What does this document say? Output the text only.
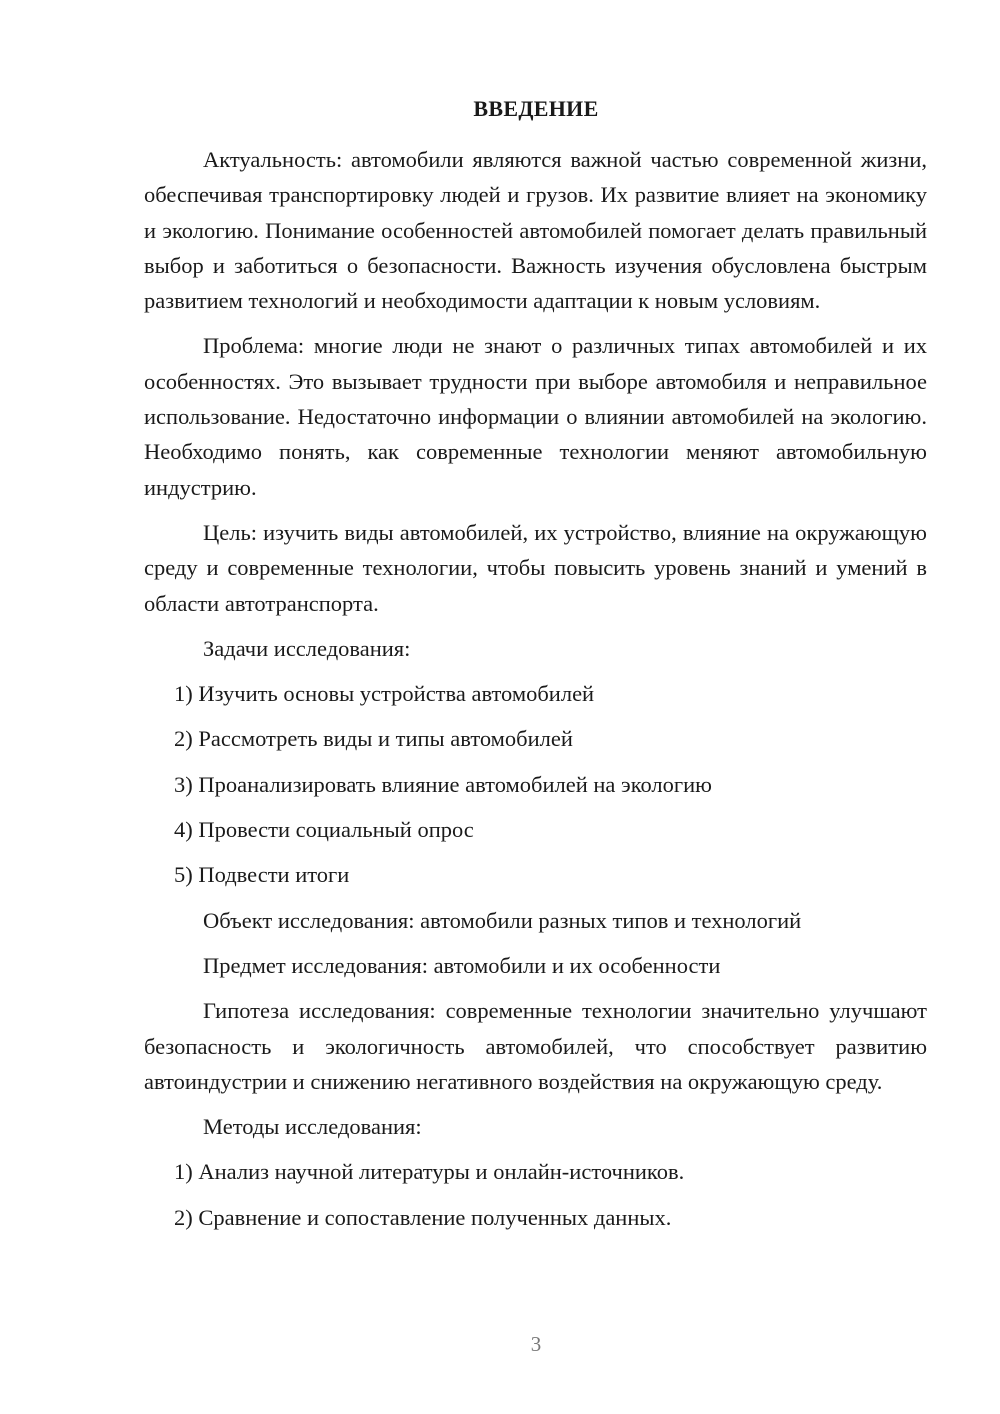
ВВЕДЕНИЕ

Актуальность: автомобили являются важной частью современной жизни, обеспечивая транспортировку людей и грузов. Их развитие влияет на экономику и экологию. Понимание особенностей автомобилей помогает делать правильный выбор и заботиться о безопасности. Важность изучения обусловлена быстрым развитием технологий и необходимости адаптации к новым условиям.

Проблема: многие люди не знают о различных типах автомобилей и их особенностях. Это вызывает трудности при выборе автомобиля и неправильное использование. Недостаточно информации о влиянии автомобилей на экологию. Необходимо понять, как современные технологии меняют автомобильную индустрию.

Цель: изучить виды автомобилей, их устройство, влияние на окружающую среду и современные технологии, чтобы повысить уровень знаний и умений в области автотранспорта.

Задачи исследования:

1) Изучить основы устройства автомобилей

2) Рассмотреть виды и типы автомобилей

3) Проанализировать влияние автомобилей на экологию

4) Провести социальный опрос

5) Подвести итоги

Объект исследования: автомобили разных типов и технологий

Предмет исследования: автомобили и их особенности

Гипотеза исследования: современные технологии значительно улучшают безопасность и экологичность автомобилей, что способствует развитию автоиндустрии и снижению негативного воздействия на окружающую среду.

Методы исследования:

1) Анализ научной литературы и онлайн-источников.

2) Сравнение и сопоставление полученных данных.

3
